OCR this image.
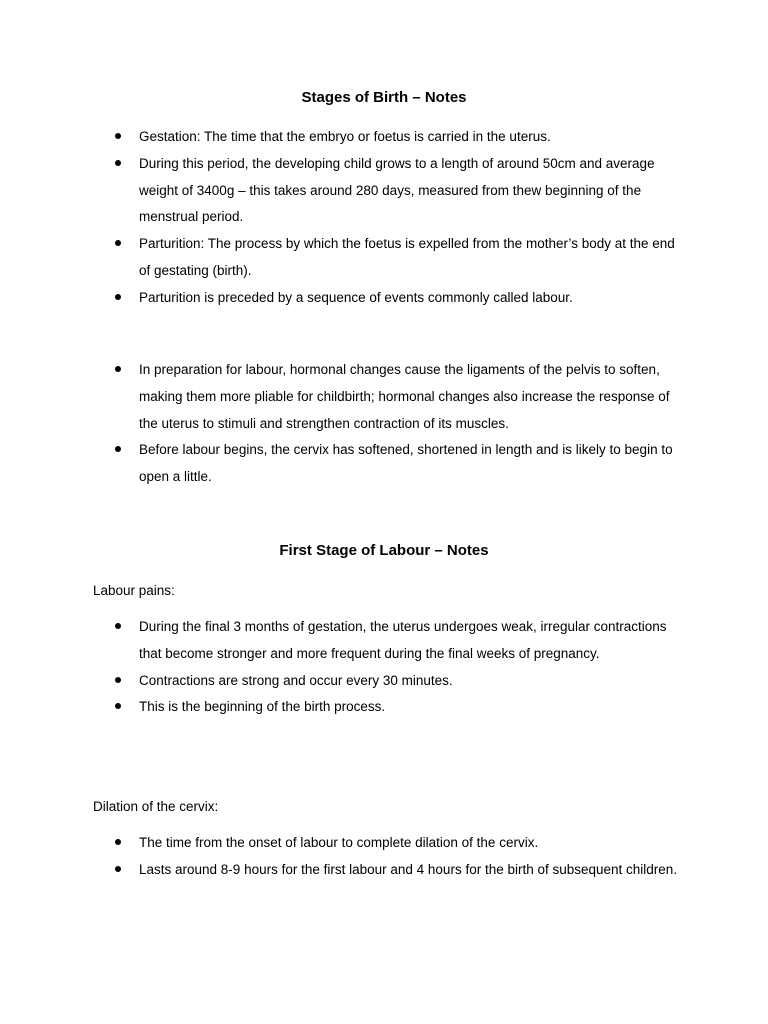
Stages of Birth – Notes
Gestation: The time that the embryo or foetus is carried in the uterus.
During this period, the developing child grows to a length of around 50cm and average weight of 3400g – this takes around 280 days, measured from thew beginning of the menstrual period.
Parturition: The process by which the foetus is expelled from the mother’s body at the end of gestating (birth).
Parturition is preceded by a sequence of events commonly called labour.
In preparation for labour, hormonal changes cause the ligaments of the pelvis to soften, making them more pliable for childbirth; hormonal changes also increase the response of the uterus to stimuli and strengthen contraction of its muscles.
Before labour begins, the cervix has softened, shortened in length and is likely to begin to open a little.
First Stage of Labour – Notes
Labour pains:
During the final 3 months of gestation, the uterus undergoes weak, irregular contractions that become stronger and more frequent during the final weeks of pregnancy.
Contractions are strong and occur every 30 minutes.
This is the beginning of the birth process.
Dilation of the cervix:
The time from the onset of labour to complete dilation of the cervix.
Lasts around 8-9 hours for the first labour and 4 hours for the birth of subsequent children.
